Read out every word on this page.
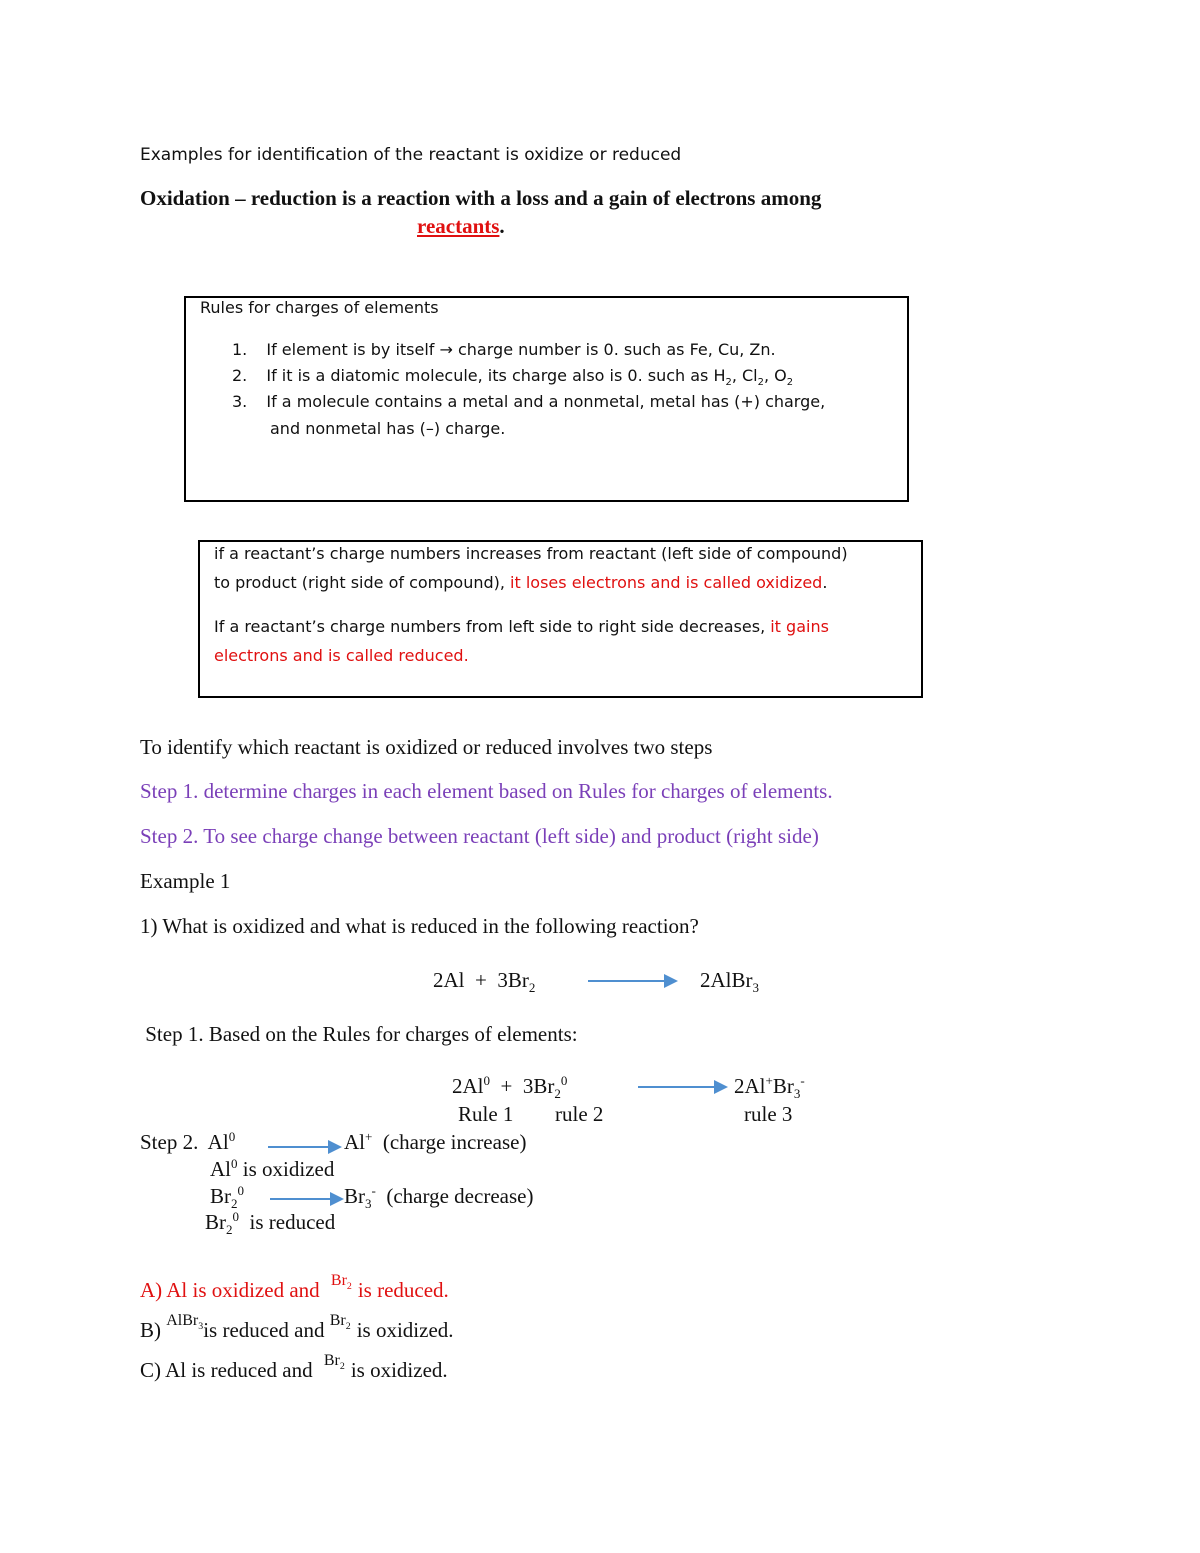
Examples for identification of the reactant is oxidize or reduced
Oxidation – reduction is a reaction with a loss and a gain of electrons among
reactants.
Rules for charges of elements
1. If element is by itself → charge number is 0. such as Fe, Cu, Zn.
2. If it is a diatomic molecule, its charge also is 0. such as $H_2$, $Cl_2$, $O_2$
3. If a molecule contains a metal and a nonmetal, metal has (+) charge,
and nonmetal has (–) charge.
if a reactant’s charge numbers increases from reactant (left side of compound)
to product (right side of compound), it loses electrons and is called oxidized.
If a reactant’s charge numbers from left side to right side decreases, it gains
electrons and is called reduced.
To identify which reactant is oxidized or reduced involves two steps
Step 1. determine charges in each element based on Rules for charges of elements.
Step 2. To see charge change between reactant (left side) and product (right side)
Example 1
1) What is oxidized and what is reduced in the following reaction?
$2Al + 3Br_2$	2AlBr$_3$
Step 1. Based on the Rules for charges of elements:
$2Al^0 + 3Br_2^0$	$2Al^+Br_3^-$
Rule 1 rule 2	rule 3
Step 2.  Al$^0$	Al+ (charge increase)
Al$^0$ is oxidized
$Br_2^0$	$Br_3^-$ (charge decrease)
$Br_2^0$  is reduced
A) Al is oxidized and $^{Br_2}$ is reduced.
B) $^{AlBr_3}$is reduced and $^{Br_2}$ is oxidized.
C) Al is reduced and $^{Br_2}$ is oxidized.
